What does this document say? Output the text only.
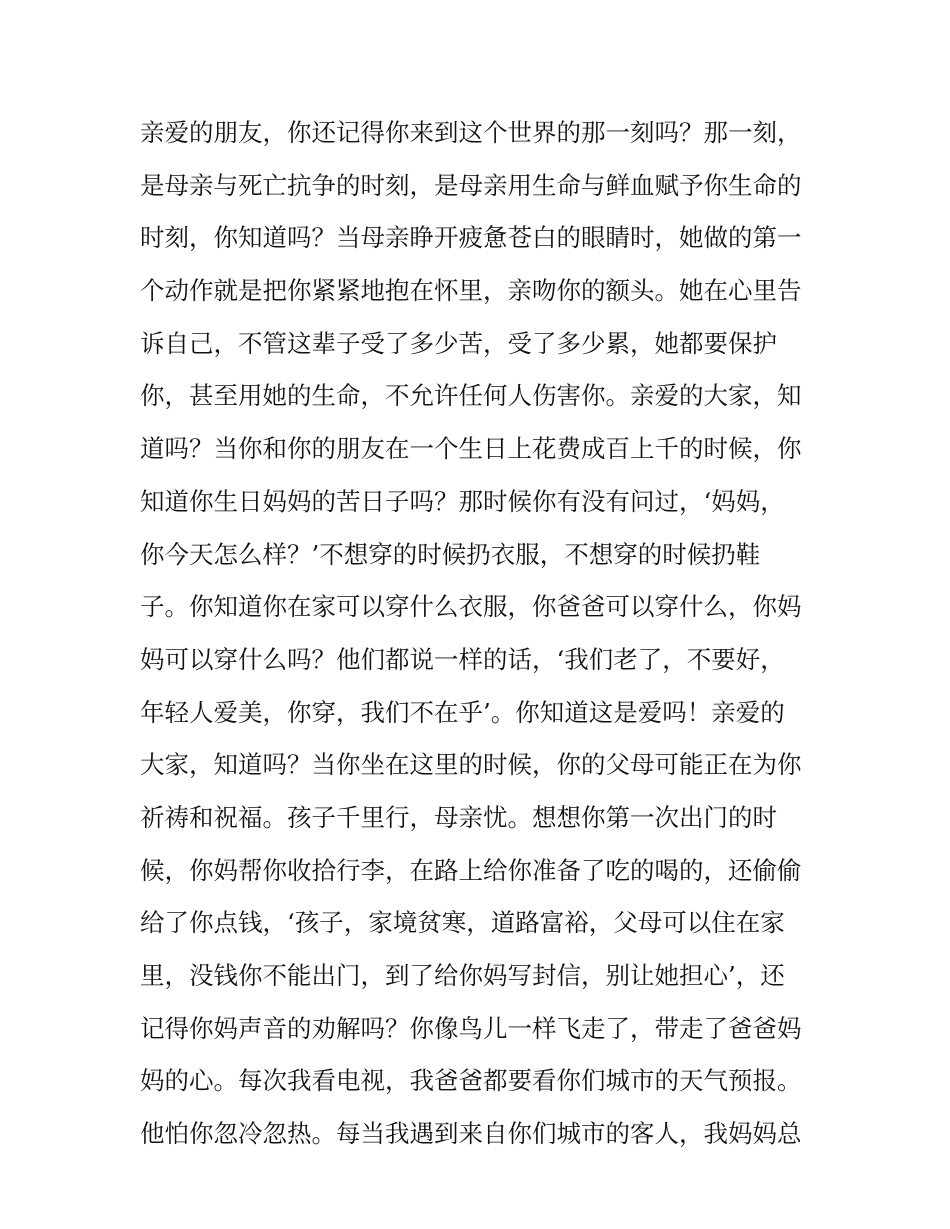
亲爱的朋友，你还记得你来到这个世界的那一刻吗？那一刻，
是母亲与死亡抗争的时刻，是母亲用生命与鲜血赋予你生命的
时刻，你知道吗？当母亲睁开疲惫苍白的眼睛时，她做的第一
个动作就是把你紧紧地抱在怀里，亲吻你的额头。她在心里告
诉自己，不管这辈子受了多少苦，受了多少累，她都要保护
你，甚至用她的生命，不允许任何人伤害你。亲爱的大家，知
道吗？当你和你的朋友在一个生日上花费成百上千的时候，你
知道你生日妈妈的苦日子吗？那时候你有没有问过，‘妈妈，
你今天怎么样？’不想穿的时候扔衣服，不想穿的时候扔鞋
子。你知道你在家可以穿什么衣服，你爸爸可以穿什么，你妈
妈可以穿什么吗？他们都说一样的话，‘我们老了，不要好，
年轻人爱美，你穿，我们不在乎’。你知道这是爱吗！亲爱的
大家，知道吗？当你坐在这里的时候，你的父母可能正在为你
祈祷和祝福。孩子千里行，母亲忧。想想你第一次出门的时
候，你妈帮你收拾行李，在路上给你准备了吃的喝的，还偷偷
给了你点钱，‘孩子，家境贫寒，道路富裕，父母可以住在家
里，没钱你不能出门，到了给你妈写封信，别让她担心’，还
记得你妈声音的劝解吗？你像鸟儿一样飞走了，带走了爸爸妈
妈的心。每次我看电视，我爸爸都要看你们城市的天气预报。
他怕你忽冷忽热。每当我遇到来自你们城市的客人，我妈妈总
